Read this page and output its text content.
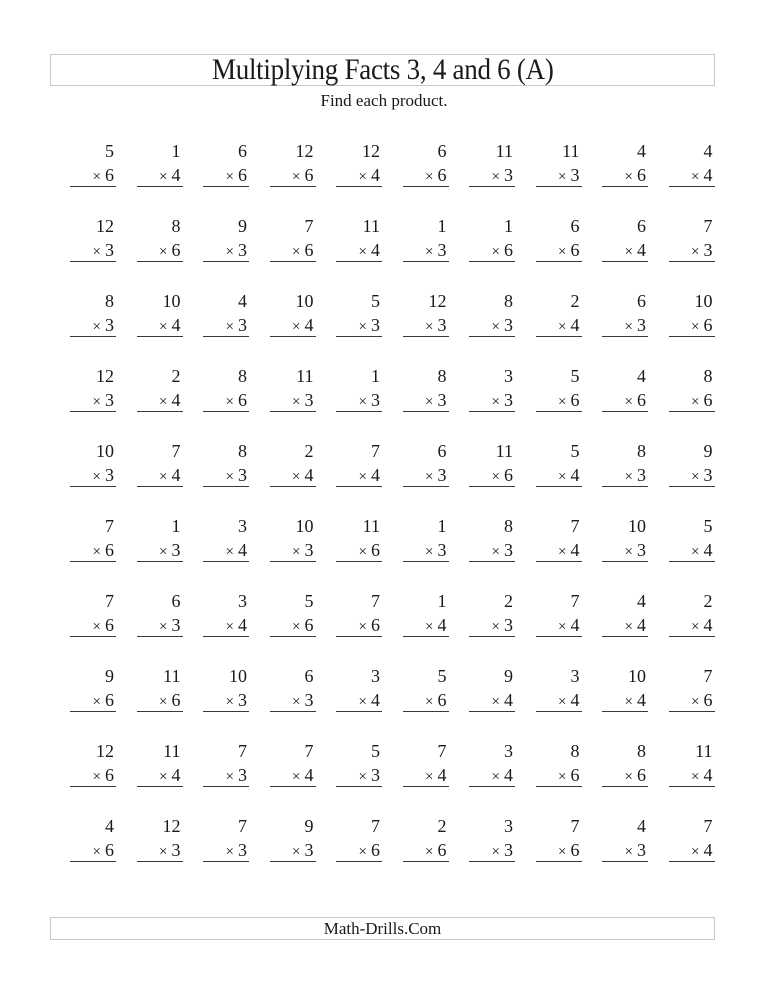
Multiplying Facts 3, 4 and 6 (A)
Find each product.
5
× 6
1
× 4
6
× 6
12
× 6
12
× 4
6
× 6
11
× 3
11
× 3
4
× 6
4
× 4
12
× 3
8
× 6
9
× 3
7
× 6
11
× 4
1
× 3
1
× 6
6
× 6
6
× 4
7
× 3
8
× 3
10
× 4
4
× 3
10
× 4
5
× 3
12
× 3
8
× 3
2
× 4
6
× 3
10
× 6
12
× 3
2
× 4
8
× 6
11
× 3
1
× 3
8
× 3
3
× 3
5
× 6
4
× 6
8
× 6
10
× 3
7
× 4
8
× 3
2
× 4
7
× 4
6
× 3
11
× 6
5
× 4
8
× 3
9
× 3
7
× 6
1
× 3
3
× 4
10
× 3
11
× 6
1
× 3
8
× 3
7
× 4
10
× 3
5
× 4
7
× 6
6
× 3
3
× 4
5
× 6
7
× 6
1
× 4
2
× 3
7
× 4
4
× 4
2
× 4
9
× 6
11
× 6
10
× 3
6
× 3
3
× 4
5
× 6
9
× 4
3
× 4
10
× 4
7
× 6
12
× 6
11
× 4
7
× 3
7
× 4
5
× 3
7
× 4
3
× 4
8
× 6
8
× 6
11
× 4
4
× 6
12
× 3
7
× 3
9
× 3
7
× 6
2
× 6
3
× 3
7
× 6
4
× 3
7
× 4
Math-Drills.Com
